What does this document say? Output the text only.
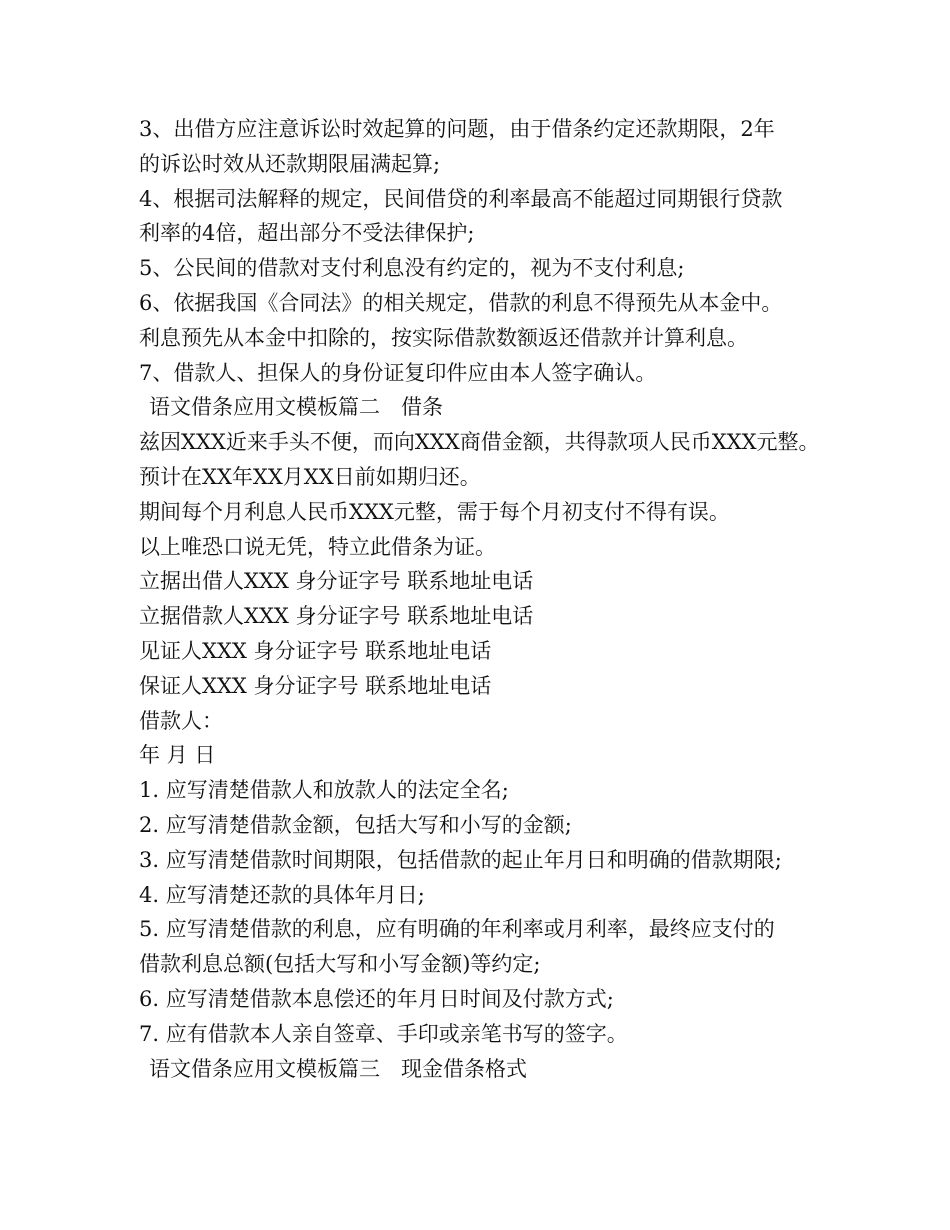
3、出借方应注意诉讼时效起算的问题，由于借条约定还款期限，2年
的诉讼时效从还款期限届满起算;
4、根据司法解释的规定，民间借贷的利率最高不能超过同期银行贷款
利率的4倍，超出部分不受法律保护;
5、公民间的借款对支付利息没有约定的，视为不支付利息;
6、依据我国《合同法》的相关规定，借款的利息不得预先从本金中。
利息预先从本金中扣除的，按实际借款数额返还借款并计算利息。
7、借款人、担保人的身份证复印件应由本人签字确认。
语文借条应用文模板篇二　借条
兹因XXX近来手头不便，而向XXX商借金额，共得款项人民币XXX元整。
预计在XX年XX月XX日前如期归还。
期间每个月利息人民币XXX元整，需于每个月初支付不得有误。
以上唯恐口说无凭，特立此借条为证。
立据出借人XXX 身分证字号 联系地址电话
立据借款人XXX 身分证字号 联系地址电话
见证人XXX 身分证字号 联系地址电话
保证人XXX 身分证字号 联系地址电话
借款人：
年 月 日
1. 应写清楚借款人和放款人的法定全名;
2. 应写清楚借款金额，包括大写和小写的金额;
3. 应写清楚借款时间期限，包括借款的起止年月日和明确的借款期限;
4. 应写清楚还款的具体年月日;
5. 应写清楚借款的利息，应有明确的年利率或月利率，最终应支付的
借款利息总额(包括大写和小写金额)等约定;
6. 应写清楚借款本息偿还的年月日时间及付款方式;
7. 应有借款本人亲自签章、手印或亲笔书写的签字。
语文借条应用文模板篇三　现金借条格式
